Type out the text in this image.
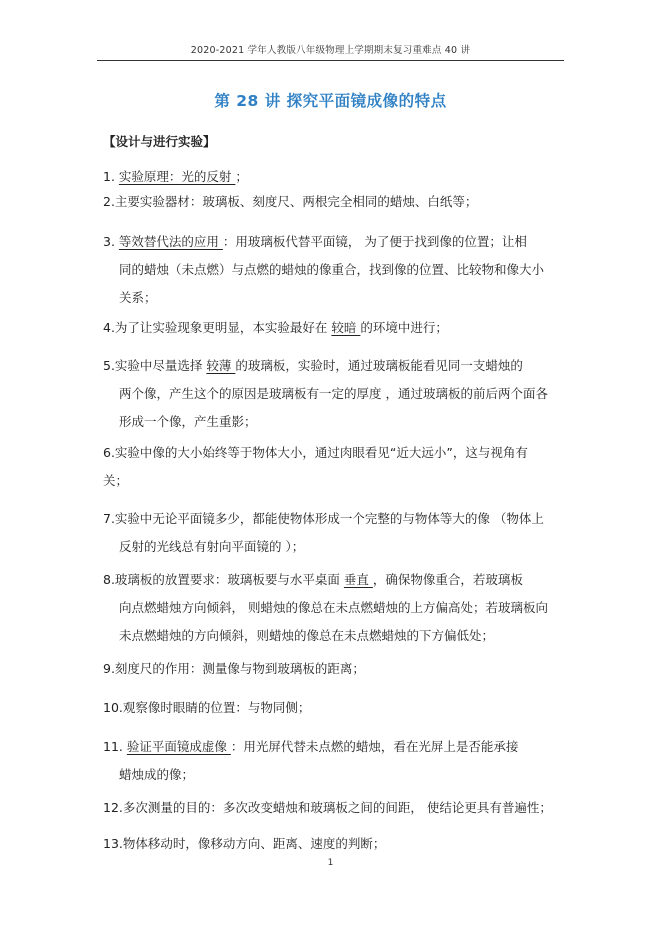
2020-2021 学年人教版八年级物理上学期期末复习重难点 40 讲
第 28 讲 探究平面镜成像的特点
【设计与进行实验】
1. 实验原理：光的反射 ；
2.主要实验器材：玻璃板、刻度尺、两根完全相同的蜡烛、白纸等；
3. 等效替代法的应用 ：用玻璃板代替平面镜， 为了便于找到像的位置；让相
同的蜡烛（未点燃）与点燃的蜡烛的像重合，找到像的位置、比较物和像大小
关系；
4.为了让实验现象更明显，本实验最好在 较暗 的环境中进行；
5.实验中尽量选择 较薄 的玻璃板，实验时，通过玻璃板能看见同一支蜡烛的
两个像，产生这个的原因是玻璃板有一定的厚度 ，通过玻璃板的前后两个面各
形成一个像，产生重影；
6.实验中像的大小始终等于物体大小，通过肉眼看见“近大远小”，这与视角有
关；
7.实验中无论平面镜多少，都能使物体形成一个完整的与物体等大的像 （物体上
反射的光线总有射向平面镜的 ）；
8.玻璃板的放置要求：玻璃板要与水平桌面 垂直 ，确保物像重合，若玻璃板
向点燃蜡烛方向倾斜， 则蜡烛的像总在未点燃蜡烛的上方偏高处；若玻璃板向
未点燃蜡烛的方向倾斜，则蜡烛的像总在未点燃蜡烛的下方偏低处；
9.刻度尺的作用：测量像与物到玻璃板的距离；
10.观察像时眼睛的位置：与物同侧；
11. 验证平面镜成虚像 ：用光屏代替未点燃的蜡烛，看在光屏上是否能承接
蜡烛成的像；
12.多次测量的目的：多次改变蜡烛和玻璃板之间的间距， 使结论更具有普遍性；
13.物体移动时，像移动方向、距离、速度的判断；
1
